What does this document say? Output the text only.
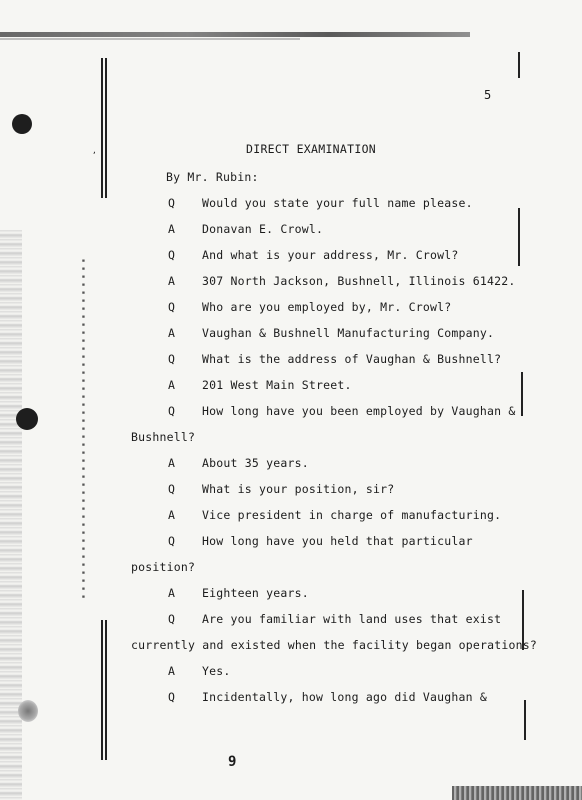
▪▪▪▪▪▪▪▪▪▪▪▪▪▪▪▪▪▪▪▪▪▪▪▪▪▪▪▪▪▪▪▪▪▪▪▪▪▪▪▪▪▪▪
,
5
DIRECT EXAMINATION
By Mr. Rubin:
Q Would you state your full name please.
A Donavan E. Crowl.
Q And what is your address, Mr. Crowl?
A 307 North Jackson, Bushnell, Illinois 61422.
Q Who are you employed by, Mr. Crowl?
A Vaughan & Bushnell Manufacturing Company.
Q What is the address of Vaughan & Bushnell?
A 201 West Main Street.
Q How long have you been employed by Vaughan &
Bushnell?
A About 35 years.
Q What is your position, sir?
A Vice president in charge of manufacturing.
Q How long have you held that particular
position?
A Eighteen years.
Q Are you familiar with land uses that exist
currently and existed when the facility began operations?
A Yes.
Q Incidentally, how long ago did Vaughan &
9
